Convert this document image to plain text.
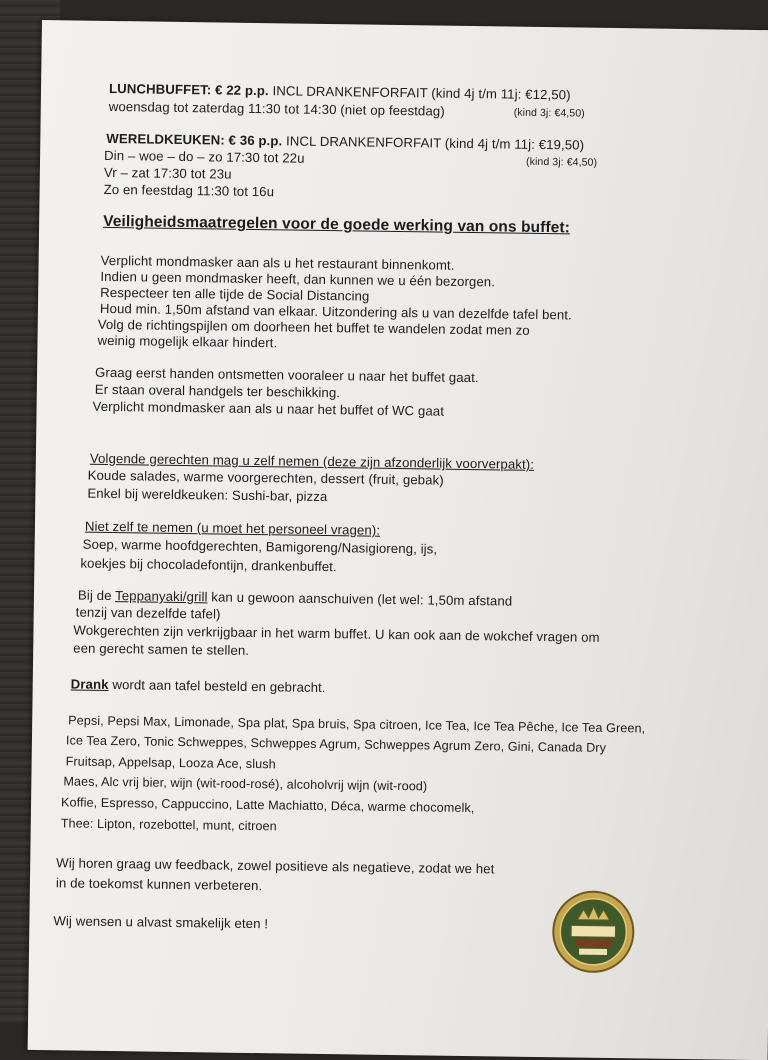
LUNCHBUFFET: € 22 p.p. INCL DRANKENFORFAIT (kind 4j t/m 11j: €12,50)
woensdag tot zaterdag 11:30 tot 14:30 (niet op feestdag)	(kind 3j: €4,50)
WERELDKEUKEN: € 36 p.p. INCL DRANKENFORFAIT (kind 4j t/m 11j: €19,50)
Din – woe – do – zo 17:30 tot 22u	(kind 3j: €4,50)
Vr – zat 17:30 tot 23u
Zo en feestdag 11:30 tot 16u
Veiligheidsmaatregelen voor de goede werking van ons buffet:
Verplicht mondmasker aan als u het restaurant binnenkomt.
Indien u geen mondmasker heeft, dan kunnen we u één bezorgen.
Respecteer ten alle tijde de Social Distancing
Houd min. 1,50m afstand van elkaar. Uitzondering als u van dezelfde tafel bent.
Volg de richtingspijlen om doorheen het buffet te wandelen zodat men zo
weinig mogelijk elkaar hindert.
Graag eerst handen ontsmetten vooraleer u naar het buffet gaat.
Er staan overal handgels ter beschikking.
Verplicht mondmasker aan als u naar het buffet of WC gaat
Volgende gerechten mag u zelf nemen (deze zijn afzonderlijk voorverpakt):
Koude salades, warme voorgerechten, dessert (fruit, gebak)
Enkel bij wereldkeuken: Sushi-bar, pizza
Niet zelf te nemen (u moet het personeel vragen):
Soep, warme hoofdgerechten, Bamigoreng/Nasigioreng, ijs,
koekjes bij chocoladefontijn, drankenbuffet.
Bij de Teppanyaki/grill kan u gewoon aanschuiven (let wel: 1,50m afstand
tenzij van dezelfde tafel)
Wokgerechten zijn verkrijgbaar in het warm buffet. U kan ook aan de wokchef vragen om
een gerecht samen te stellen.
Drank wordt aan tafel besteld en gebracht.
Pepsi, Pepsi Max, Limonade, Spa plat, Spa bruis, Spa citroen, Ice Tea, Ice Tea Pêche, Ice Tea Green,
Ice Tea Zero, Tonic Schweppes, Schweppes Agrum, Schweppes Agrum Zero, Gini, Canada Dry
Fruitsap, Appelsap, Looza Ace, slush
Maes, Alc vrij bier, wijn (wit-rood-rosé), alcoholvrij wijn (wit-rood)
Koffie, Espresso, Cappuccino, Latte Machiatto, Déca, warme chocomelk,
Thee: Lipton, rozebottel, munt, citroen
Wij horen graag uw feedback, zowel positieve als negatieve, zodat we het
in de toekomst kunnen verbeteren.
Wij wensen u alvast smakelijk eten !
